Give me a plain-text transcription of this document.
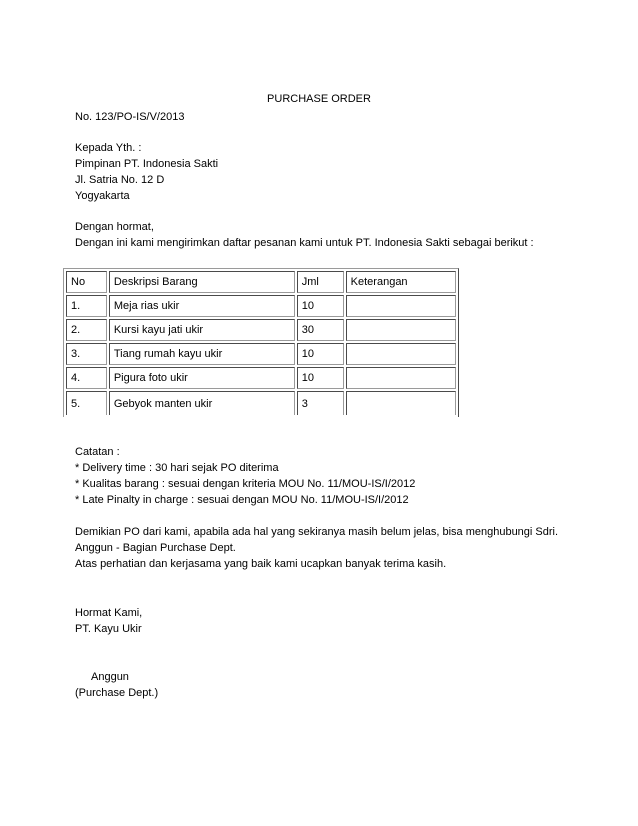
PURCHASE ORDER
No. 123/PO-IS/V/2013
Kepada Yth. :
Pimpinan PT. Indonesia Sakti
Jl. Satria No. 12 D
Yogyakarta
Dengan hormat,
Dengan ini kami mengirimkan daftar pesanan kami untuk PT. Indonesia Sakti sebagai berikut :
No	Deskripsi Barang	Jml	Keterangan
1.	Meja rias ukir	10	
2.	Kursi kayu jati ukir	30	
3.	Tiang rumah kayu ukir	10	
4.	Pigura foto ukir	10	
5.	Gebyok manten ukir	3	
Catatan :
* Delivery time : 30 hari sejak PO diterima
* Kualitas barang : sesuai dengan kriteria MOU No. 11/MOU-IS/I/2012
* Late Pinalty in charge : sesuai dengan MOU No. 11/MOU-IS/I/2012
Demikian PO dari kami, apabila ada hal yang sekiranya masih belum jelas, bisa menghubungi Sdri.
Anggun - Bagian Purchase Dept.
Atas perhatian dan kerjasama yang baik kami ucapkan banyak terima kasih.
Hormat Kami,
PT. Kayu Ukir
Anggun
(Purchase Dept.)
